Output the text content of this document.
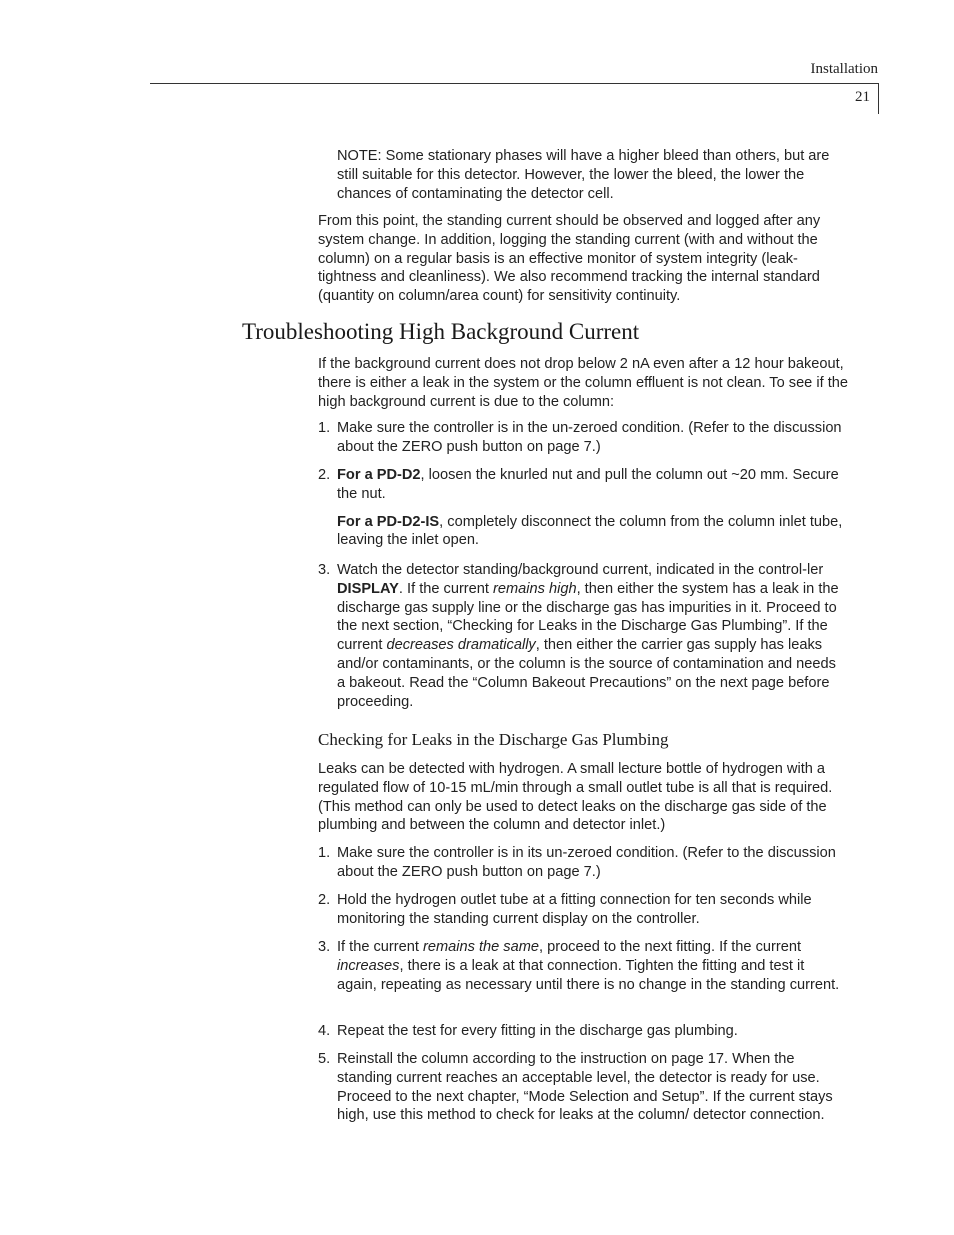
Installation
21

NOTE: Some stationary phases will have a higher bleed than others, but are still suitable for this detector. However, the lower the bleed, the lower the chances of contaminating the detector cell.

From this point, the standing current should be observed and logged after any system change. In addition, logging the standing current (with and without the column) on a regular basis is an effective monitor of system integrity (leak-tightness and cleanliness). We also recommend tracking the internal standard (quantity on column/area count) for sensitivity continuity.

Troubleshooting High Background Current

If the background current does not drop below 2 nA even after a 12 hour bakeout, there is either a leak in the system or the column effluent is not clean. To see if the high background current is due to the column:

1. Make sure the controller is in the un-zeroed condition. (Refer to the discussion about the ZERO push button on page 7.)
2. For a PD-D2, loosen the knurled nut and pull the column out ~20 mm. Secure the nut.
For a PD-D2-IS, completely disconnect the column from the column inlet tube, leaving the inlet open.
3. Watch the detector standing/background current, indicated in the control-ler DISPLAY. If the current remains high, then either the system has a leak in the discharge gas supply line or the discharge gas has impurities in it. Proceed to the next section, “Checking for Leaks in the Discharge Gas Plumbing”. If the current decreases dramatically, then either the carrier gas supply has leaks and/or contaminants, or the column is the source of contamination and needs a bakeout. Read the “Column Bakeout Precautions” on the next page before proceeding.
Checking for Leaks in the Discharge Gas Plumbing

Leaks can be detected with hydrogen. A small lecture bottle of hydrogen with a regulated flow of 10-15 mL/min through a small outlet tube is all that is required. (This method can only be used to detect leaks on the discharge gas side of the plumbing and between the column and detector inlet.)

1. Make sure the controller is in its un-zeroed condition. (Refer to the discussion about the ZERO push button on page 7.)
2. Hold the hydrogen outlet tube at a fitting connection for ten seconds while monitoring the standing current display on the controller.
3. If the current remains the same, proceed to the next fitting. If the current increases, there is a leak at that connection. Tighten the fitting and test it again, repeating as necessary until there is no change in the standing current.
4. Repeat the test for every fitting in the discharge gas plumbing.
5. Reinstall the column according to the instruction on page 17. When the standing current reaches an acceptable level, the detector is ready for use. Proceed to the next chapter, “Mode Selection and Setup”. If the current stays high, use this method to check for leaks at the column/ detector connection.
